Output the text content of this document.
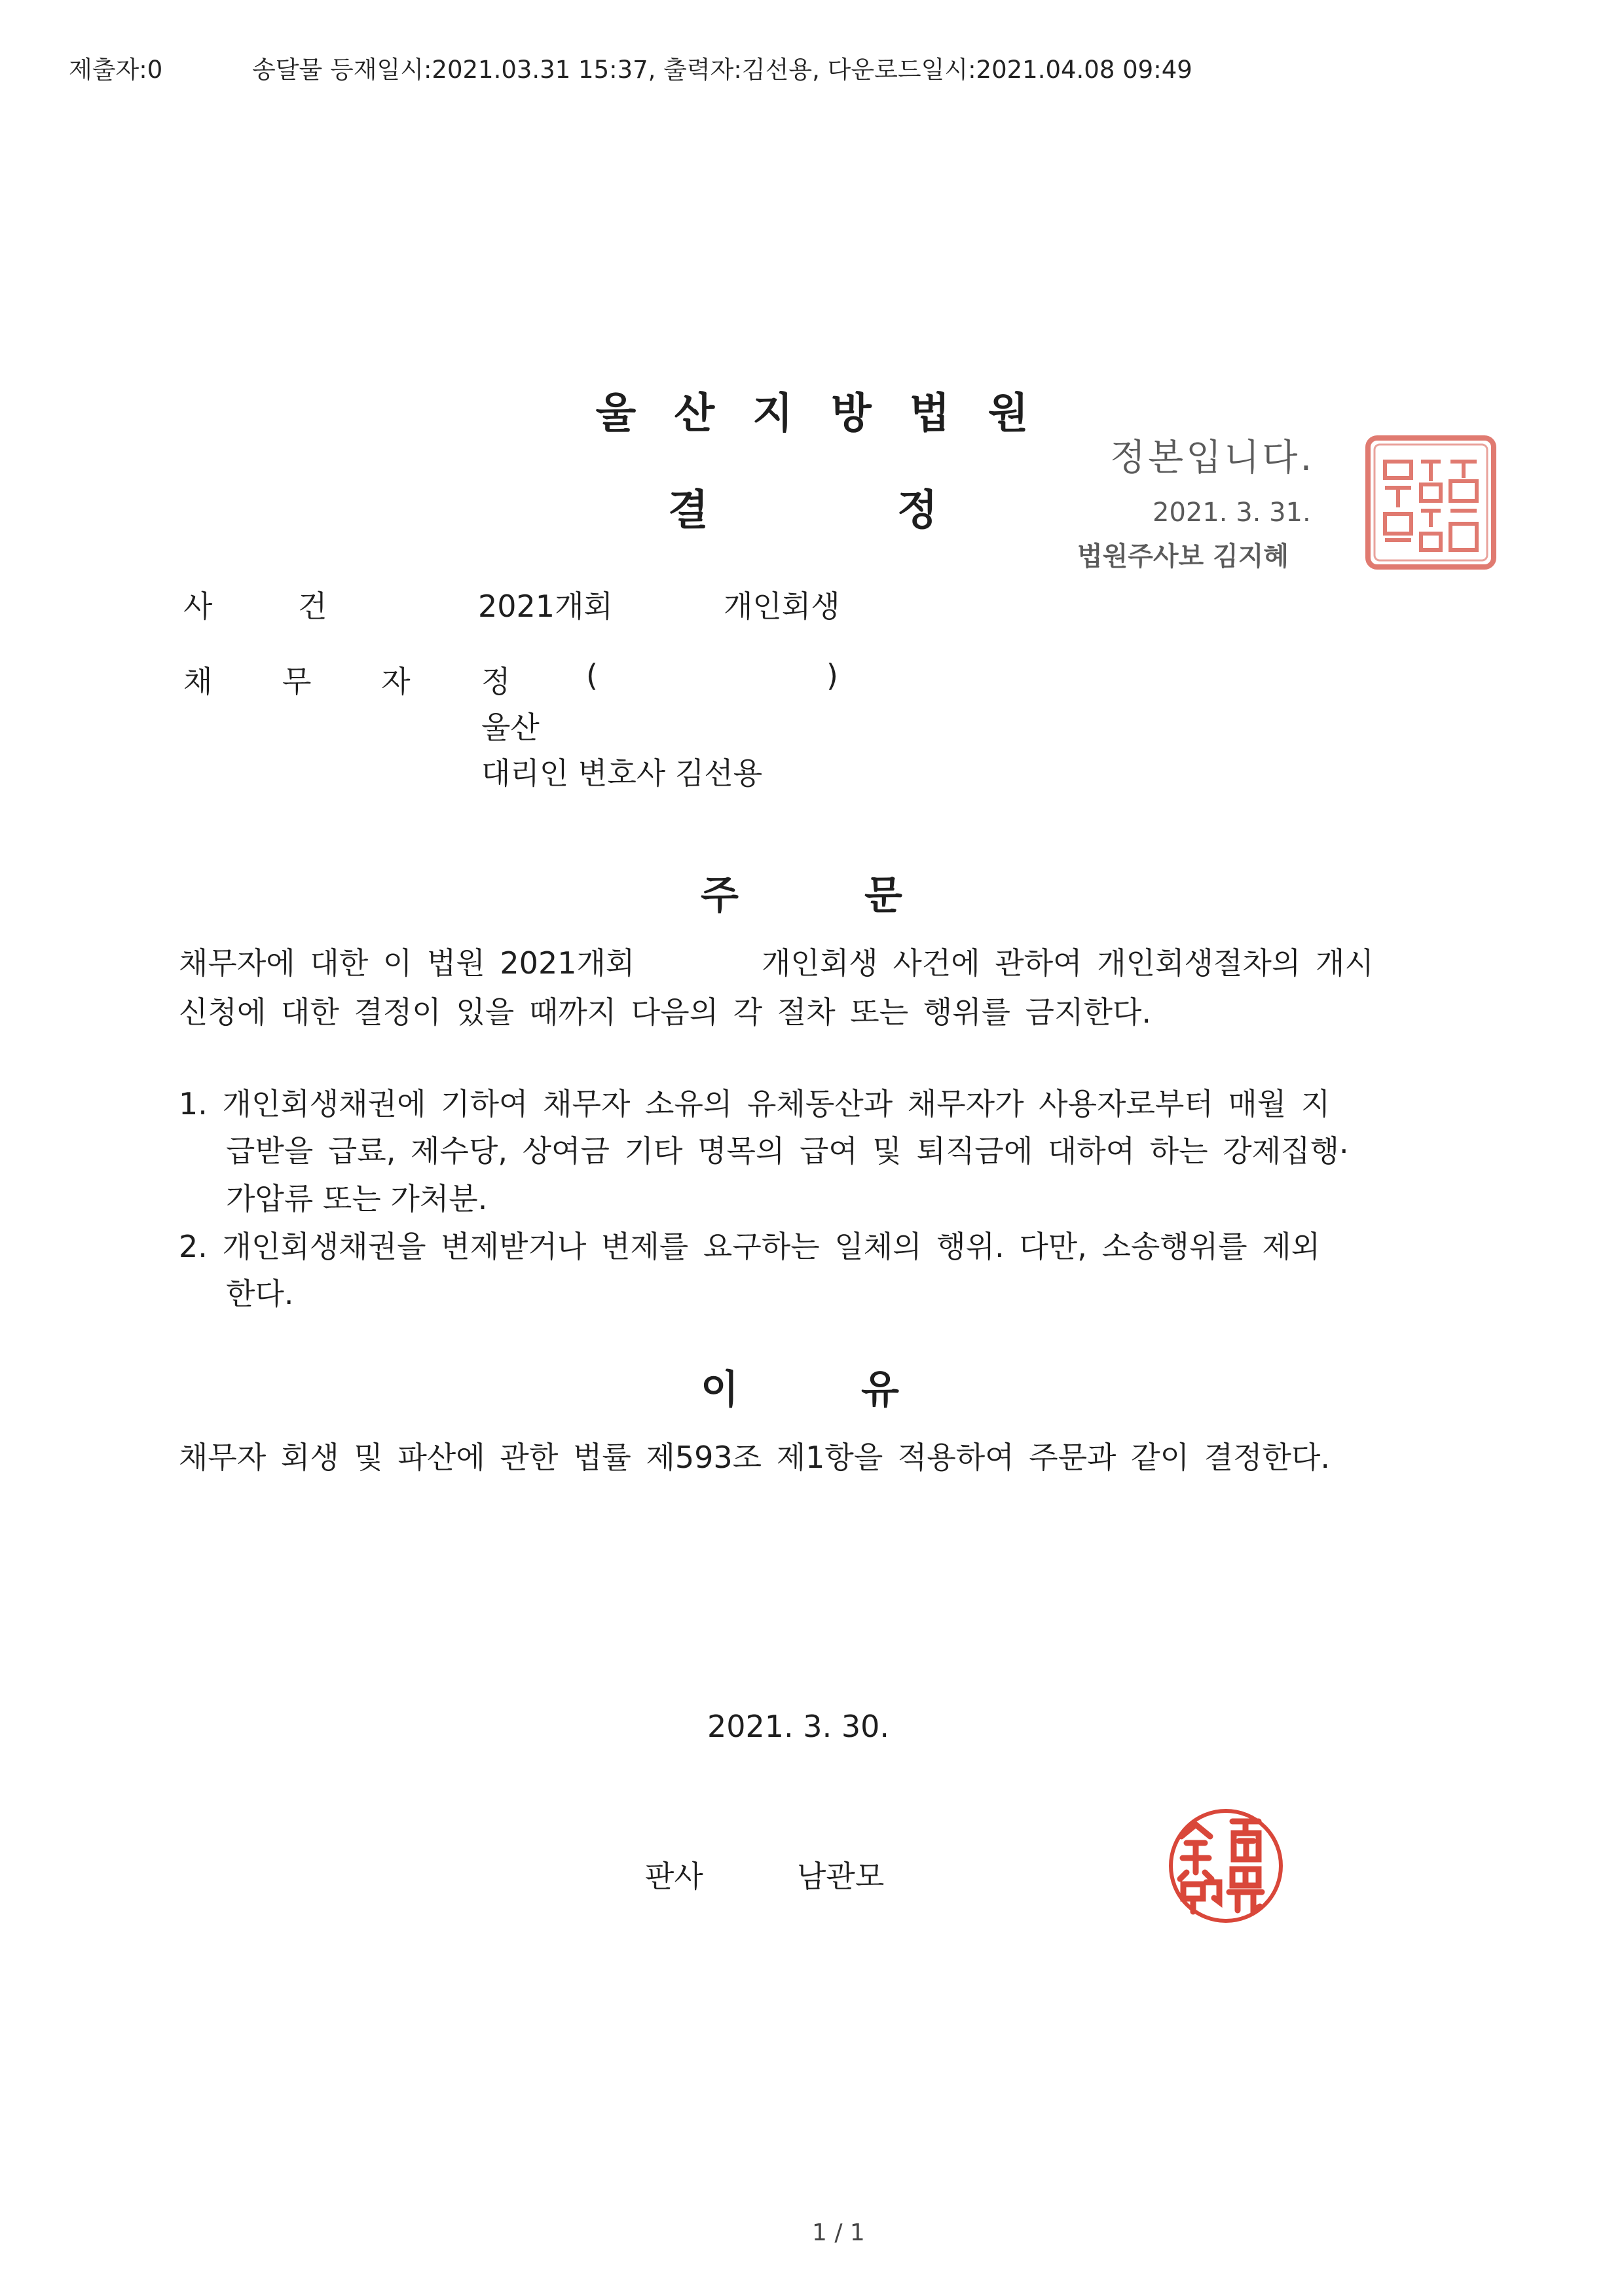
제출자:0	송달물 등재일시:2021.03.31 15:37, 출력자:김선용, 다운로드일시:2021.04.08 09:49
울산지방법원
정본입니다.
2021. 3. 31.
법원주사보 김지혜
결	정
사 건	2021개회	개인회생
채 무 자 정	(	)
울산
대리인 변호사 김선용
주	문
채무자에 대한 이 법원 2021개회	개인회생 사건에 관하여 개인회생절차의 개시
신청에 대한 결정이 있을 때까지 다음의 각 절차 또는 행위를 금지한다.
1. 개인회생채권에 기하여 채무자 소유의 유체동산과 채무자가 사용자로부터 매월 지
급받을 급료, 제수당, 상여금 기타 명목의 급여 및 퇴직금에 대하여 하는 강제집행·
가압류 또는 가처분.
2. 개인회생채권을 변제받거나 변제를 요구하는 일체의 행위. 다만, 소송행위를 제외
한다.
이	유
채무자 회생 및 파산에 관한 법률 제593조 제1항을 적용하여 주문과 같이 결정한다.
2021. 3. 30.
판사	남관모
1 / 1
